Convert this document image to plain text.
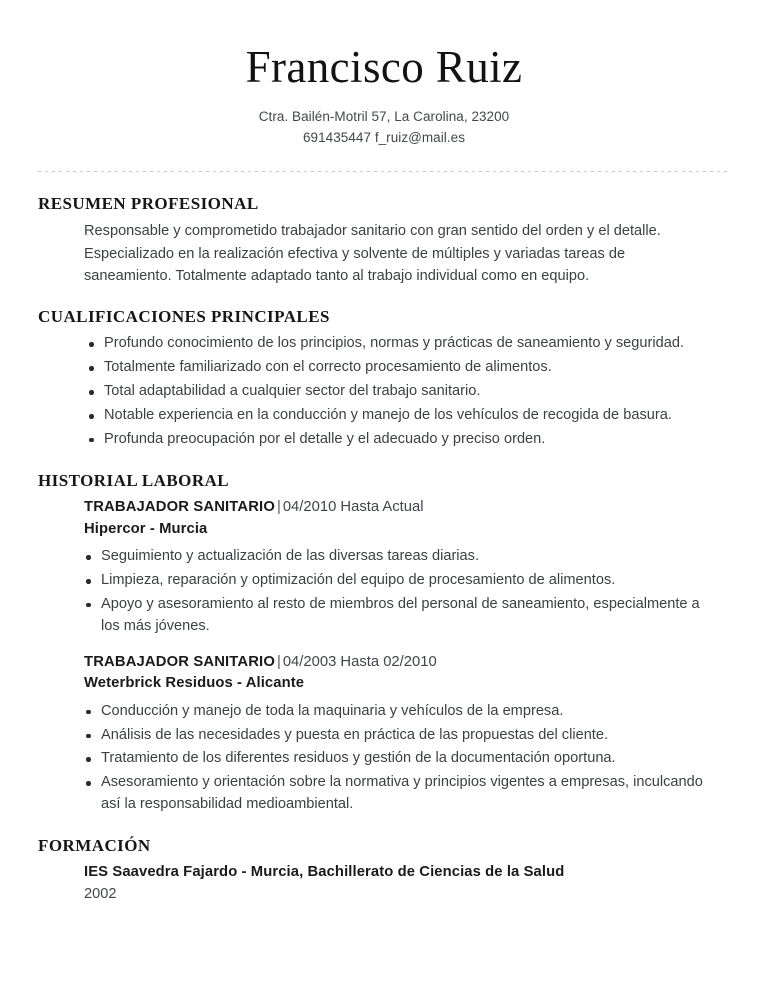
Francisco Ruiz
Ctra. Bailén-Motril 57, La Carolina, 23200
691435447 f_ruiz@mail.es
RESUMEN PROFESIONAL

Responsable y comprometido trabajador sanitario con gran sentido del orden y el detalle. Especializado en la realización efectiva y solvente de múltiples y variadas tareas de saneamiento. Totalmente adaptado tanto al trabajo individual como en equipo.

CUALIFICACIONES PRINCIPALES
Profundo conocimiento de los principios, normas y prácticas de saneamiento y seguridad.
Totalmente familiarizado con el correcto procesamiento de alimentos.
Total adaptabilidad a cualquier sector del trabajo sanitario.
Notable experiencia en la conducción y manejo de los vehículos de recogida de basura.
Profunda preocupación por el detalle y el adecuado y preciso orden.
HISTORIAL LABORAL

TRABAJADOR SANITARIO | 04/2010 Hasta Actual

Hipercor - Murcia

Seguimiento y actualización de las diversas tareas diarias.
Limpieza, reparación y optimización del equipo de procesamiento de alimentos.
Apoyo y asesoramiento al resto de miembros del personal de saneamiento, especialmente a los más jóvenes.

TRABAJADOR SANITARIO | 04/2003 Hasta 02/2010

Weterbrick Residuos - Alicante

Conducción y manejo de toda la maquinaria y vehículos de la empresa.
Análisis de las necesidades y puesta en práctica de las propuestas del cliente.
Tratamiento de los diferentes residuos y gestión de la documentación oportuna.
Asesoramiento y orientación sobre la normativa y principios vigentes a empresas, inculcando así la responsabilidad medioambiental.
FORMACIÓN

IES Saavedra Fajardo - Murcia, Bachillerato de Ciencias de la Salud

2002
